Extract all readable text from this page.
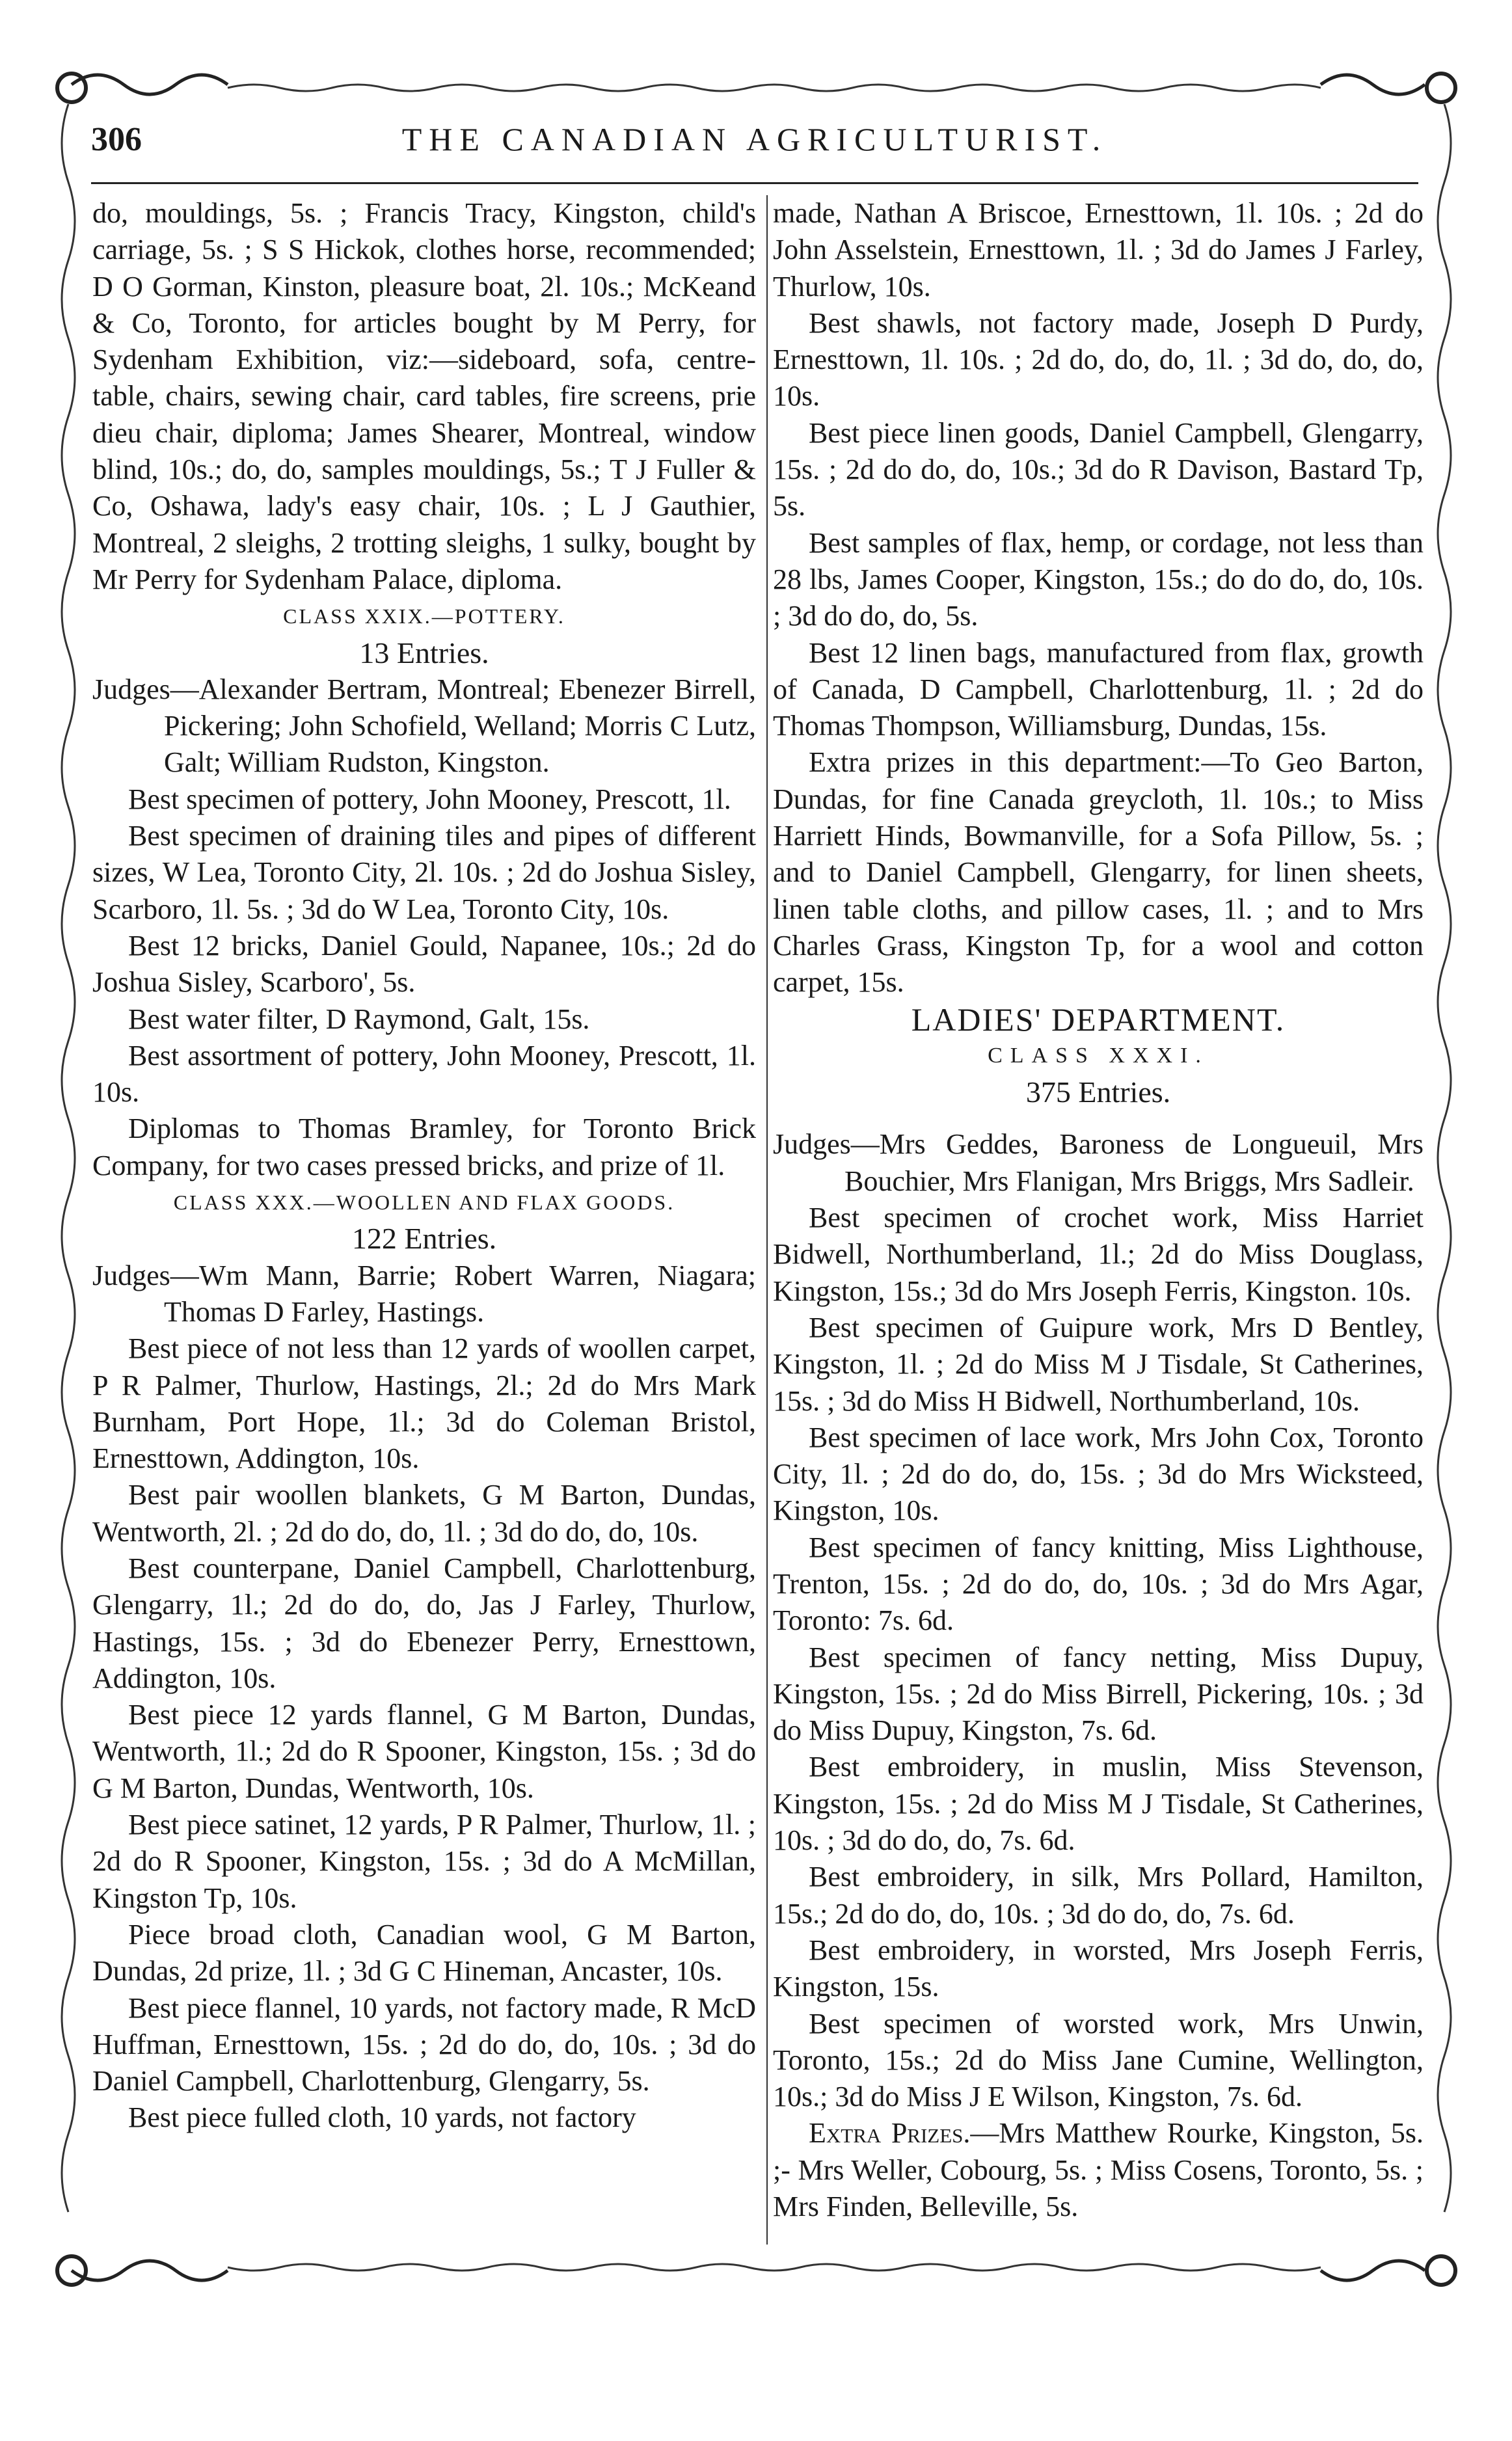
306	THE CANADIAN AGRICULTURIST.

do, mouldings, 5s. ; Francis Tracy, Kingston, child's carriage, 5s. ; S S Hickok, clothes horse, recommended; D O Gorman, Kinston, pleasure boat, 2l. 10s.; McKeand & Co, Toronto, for articles bought by M Perry, for Sydenham Exhibition, viz:—sideboard, sofa, centre-table, chairs, sewing chair, card tables, fire screens, prie dieu chair, diploma; James Shearer, Montreal, window blind, 10s.; do, do, samples mouldings, 5s.; T J Fuller & Co, Oshawa, lady's easy chair, 10s. ; L J Gauthier, Montreal, 2 sleighs, 2 trotting sleighs, 1 sulky, bought by Mr Perry for Sydenham Palace, diploma.

CLASS XXIX.—POTTERY.

13 Entries.

Judges—Alexander Bertram, Montreal; Ebenezer Birrell, Pickering; John Schofield, Welland; Morris C Lutz, Galt; William Rudston, Kingston.

Best specimen of pottery, John Mooney, Prescott, 1l.

Best specimen of draining tiles and pipes of different sizes, W Lea, Toronto City, 2l. 10s. ; 2d do Joshua Sisley, Scarboro, 1l. 5s. ; 3d do W Lea, Toronto City, 10s.

Best 12 bricks, Daniel Gould, Napanee, 10s.; 2d do Joshua Sisley, Scarboro', 5s.

Best water filter, D Raymond, Galt, 15s.

Best assortment of pottery, John Mooney, Prescott, 1l. 10s.

Diplomas to Thomas Bramley, for Toronto Brick Company, for two cases pressed bricks, and prize of 1l.

CLASS XXX.—WOOLLEN AND FLAX GOODS.

122 Entries.

Judges—Wm Mann, Barrie; Robert Warren, Niagara; Thomas D Farley, Hastings.

Best piece of not less than 12 yards of woollen carpet, P R Palmer, Thurlow, Hastings, 2l.; 2d do Mrs Mark Burnham, Port Hope, 1l.; 3d do Coleman Bristol, Ernesttown, Addington, 10s.

Best pair woollen blankets, G M Barton, Dundas, Wentworth, 2l. ; 2d do do, do, 1l. ; 3d do do, do, 10s.

Best counterpane, Daniel Campbell, Charlottenburg, Glengarry, 1l.; 2d do do, do, Jas J Farley, Thurlow, Hastings, 15s. ; 3d do Ebenezer Perry, Ernesttown, Addington, 10s.

Best piece 12 yards flannel, G M Barton, Dundas, Wentworth, 1l.; 2d do R Spooner, Kingston, 15s. ; 3d do G M Barton, Dundas, Wentworth, 10s.

Best piece satinet, 12 yards, P R Palmer, Thurlow, 1l. ; 2d do R Spooner, Kingston, 15s. ; 3d do A McMillan, Kingston Tp, 10s.

Piece broad cloth, Canadian wool, G M Barton, Dundas, 2d prize, 1l. ; 3d G C Hineman, Ancaster, 10s.

Best piece flannel, 10 yards, not factory made, R McD Huffman, Ernesttown, 15s. ; 2d do do, do, 10s. ; 3d do Daniel Campbell, Charlottenburg, Glengarry, 5s.

Best piece fulled cloth, 10 yards, not factory

made, Nathan A Briscoe, Ernesttown, 1l. 10s. ; 2d do John Asselstein, Ernesttown, 1l. ; 3d do James J Farley, Thurlow, 10s.

Best shawls, not factory made, Joseph D Purdy, Ernesttown, 1l. 10s. ; 2d do, do, do, 1l. ; 3d do, do, do, 10s.

Best piece linen goods, Daniel Campbell, Glengarry, 15s. ; 2d do do, do, 10s.; 3d do R Davison, Bastard Tp, 5s.

Best samples of flax, hemp, or cordage, not less than 28 lbs, James Cooper, Kingston, 15s.; do do do, do, 10s. ; 3d do do, do, 5s.

Best 12 linen bags, manufactured from flax, growth of Canada, D Campbell, Charlottenburg, 1l. ; 2d do Thomas Thompson, Williamsburg, Dundas, 15s.

Extra prizes in this department:—To Geo Barton, Dundas, for fine Canada greycloth, 1l. 10s.; to Miss Harriett Hinds, Bowmanville, for a Sofa Pillow, 5s. ; and to Daniel Campbell, Glengarry, for linen sheets, linen table cloths, and pillow cases, 1l. ; and to Mrs Charles Grass, Kingston Tp, for a wool and cotton carpet, 15s.

LADIES' DEPARTMENT.

CLASS XXXI.

375 Entries.

Judges—Mrs Geddes, Baroness de Longueuil, Mrs Bouchier, Mrs Flanigan, Mrs Briggs, Mrs Sadleir.

Best specimen of crochet work, Miss Harriet Bidwell, Northumberland, 1l.; 2d do Miss Douglass, Kingston, 15s.; 3d do Mrs Joseph Ferris, Kingston. 10s.

Best specimen of Guipure work, Mrs D Bentley, Kingston, 1l. ; 2d do Miss M J Tisdale, St Catherines, 15s. ; 3d do Miss H Bidwell, Northumberland, 10s.

Best specimen of lace work, Mrs John Cox, Toronto City, 1l. ; 2d do do, do, 15s. ; 3d do Mrs Wicksteed, Kingston, 10s.

Best specimen of fancy knitting, Miss Lighthouse, Trenton, 15s. ; 2d do do, do, 10s. ; 3d do Mrs Agar, Toronto: 7s. 6d.

Best specimen of fancy netting, Miss Dupuy, Kingston, 15s. ; 2d do Miss Birrell, Pickering, 10s. ; 3d do Miss Dupuy, Kingston, 7s. 6d.

Best embroidery, in muslin, Miss Stevenson, Kingston, 15s. ; 2d do Miss M J Tisdale, St Catherines, 10s. ; 3d do do, do, 7s. 6d.

Best embroidery, in silk, Mrs Pollard, Hamilton, 15s.; 2d do do, do, 10s. ; 3d do do, do, 7s. 6d.

Best embroidery, in worsted, Mrs Joseph Ferris, Kingston, 15s.

Best specimen of worsted work, Mrs Unwin, Toronto, 15s.; 2d do Miss Jane Cumine, Wellington, 10s.; 3d do Miss J E Wilson, Kingston, 7s. 6d.

Extra Prizes.—Mrs Matthew Rourke, Kingston, 5s. ;- Mrs Weller, Cobourg, 5s. ; Miss Cosens, Toronto, 5s. ; Mrs Finden, Belleville, 5s.
